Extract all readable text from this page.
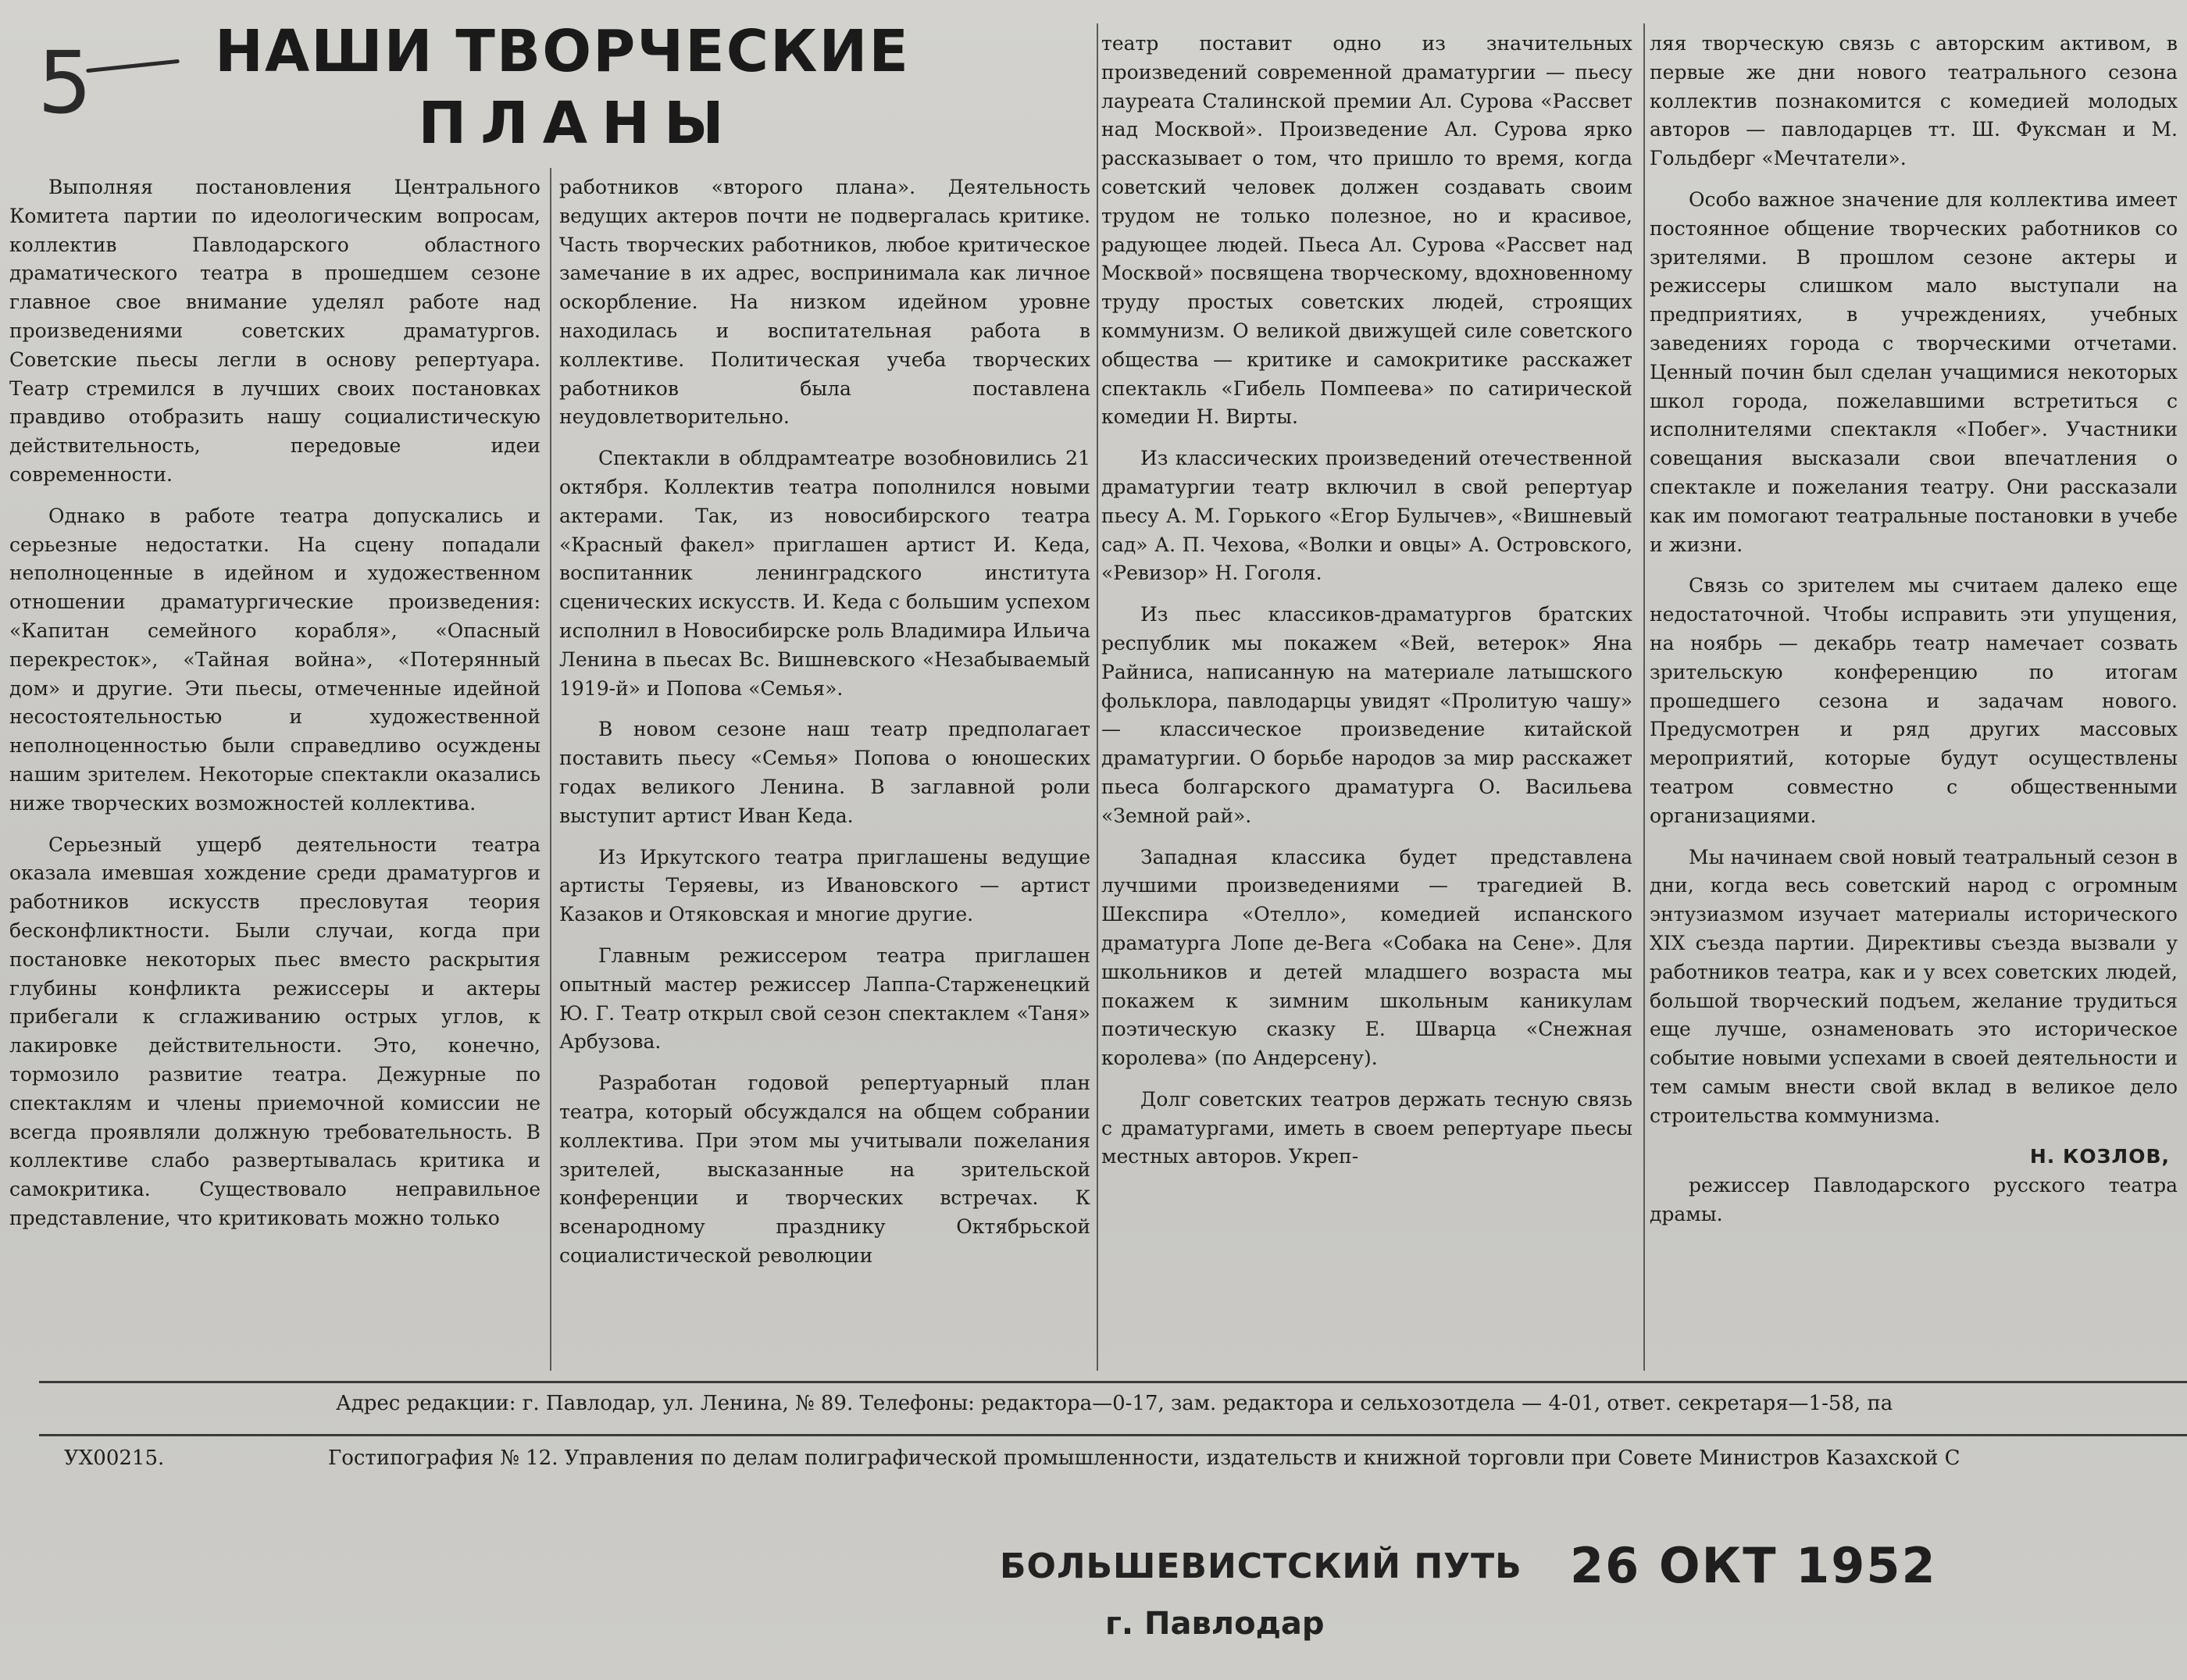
5	НАШИ ТВОРЧЕСКИЕ
ПЛАНЫ

Выполняя постановления Центрального Комитета партии по идеологическим вопросам, коллектив Павлодарского областного драматического театра в прошедшем сезоне главное свое внимание уделял работе над произведениями советских драматургов. Советские пьесы легли в основу репертуара. Театр стремился в лучших своих постановках правдиво отобразить нашу социалистическую действительность, передовые идеи современности.

Однако в работе театра допускались и серьезные недостатки. На сцену попадали неполноценные в идейном и художественном отношении драматургические произведения: «Капитан семейного корабля», «Опасный перекресток», «Тайная война», «Потерянный дом» и другие. Эти пьесы, отмеченные идейной несостоятельностью и художественной неполноценностью были справедливо осуждены нашим зрителем. Некоторые спектакли оказались ниже творческих возможностей коллектива.

Серьезный ущерб деятельности театра оказала имевшая хождение среди драматургов и работников искусств пресловутая теория бесконфликтности. Были случаи, когда при постановке некоторых пьес вместо раскрытия глубины конфликта режиссеры и актеры прибегали к сглаживанию острых углов, к лакировке действительности. Это, конечно, тормозило развитие театра. Дежурные по спектаклям и члены приемочной комиссии не всегда проявляли должную требовательность. В коллективе слабо развертывалась критика и самокритика. Существовало неправильное представление, что критиковать можно только

работников «второго плана». Деятельность ведущих актеров почти не подвергалась критике. Часть творческих работников, любое критическое замечание в их адрес, воспринимала как личное оскорбление. На низком идейном уровне находилась и воспитательная работа в коллективе. Политическая учеба творческих работников была поставлена неудовлетворительно.

Спектакли в облдрамтеатре возобновились 21 октября. Коллектив театра пополнился новыми актерами. Так, из новосибирского театра «Красный факел» приглашен артист И. Кеда, воспитанник ленинградского института сценических искусств. И. Кеда с большим успехом исполнил в Новосибирске роль Владимира Ильича Ленина в пьесах Вс. Вишневского «Незабываемый 1919-й» и Попова «Семья».

В новом сезоне наш театр предполагает поставить пьесу «Семья» Попова о юношеских годах великого Ленина. В заглавной роли выступит артист Иван Кеда.

Из Иркутского театра приглашены ведущие артисты Теряевы, из Ивановского — артист Казаков и Отяковская и многие другие.

Главным режиссером театра приглашен опытный мастер режиссер Лаппа-Старженецкий Ю. Г. Театр открыл свой сезон спектаклем «Таня» Арбузова.

Разработан годовой репертуарный план театра, который обсуждался на общем собрании коллектива. При этом мы учитывали пожелания зрителей, высказанные на зрительской конференции и творческих встречах. К всенародному празднику Октябрьской социалистической революции

театр поставит одно из значительных произведений современной драматургии — пьесу лауреата Сталинской премии Ал. Сурова «Рассвет над Москвой». Произведение Ал. Сурова ярко рассказывает о том, что пришло то время, когда советский человек должен создавать своим трудом не только полезное, но и красивое, радующее людей. Пьеса Ал. Сурова «Рассвет над Москвой» посвящена творческому, вдохновенному труду простых советских людей, строящих коммунизм. О великой движущей силе советского общества — критике и самокритике расскажет спектакль «Гибель Помпеева» по сатирической комедии Н. Вирты.

Из классических произведений отечественной драматургии театр включил в свой репертуар пьесу А. М. Горького «Егор Булычев», «Вишневый сад» А. П. Чехова, «Волки и овцы» А. Островского, «Ревизор» Н. Гоголя.

Из пьес классиков-драматургов братских республик мы покажем «Вей, ветерок» Яна Райниса, написанную на материале латышского фольклора, павлодарцы увидят «Пролитую чашу» — классическое произведение китайской драматургии. О борьбе народов за мир расскажет пьеса болгарского драматурга О. Васильева «Земной рай».

Западная классика будет представлена лучшими произведениями — трагедией В. Шекспира «Отелло», комедией испанского драматурга Лопе де-Вега «Собака на Сене». Для школьников и детей младшего возраста мы покажем к зимним школьным каникулам поэтическую сказку Е. Шварца «Снежная королева» (по Андерсену).

Долг советских театров держать тесную связь с драматургами, иметь в своем репертуаре пьесы местных авторов. Укреп-

ляя творческую связь с авторским активом, в первые же дни нового театрального сезона коллектив познакомится с комедией молодых авторов — павлодарцев тт. Ш. Фуксман и М. Гольдберг «Мечтатели».

Особо важное значение для коллектива имеет постоянное общение творческих работников со зрителями. В прошлом сезоне актеры и режиссеры слишком мало выступали на предприятиях, в учреждениях, учебных заведениях города с творческими отчетами. Ценный почин был сделан учащимися некоторых школ города, пожелавшими встретиться с исполнителями спектакля «Побег». Участники совещания высказали свои впечатления о спектакле и пожелания театру. Они рассказали как им помогают театральные постановки в учебе и жизни.

Связь со зрителем мы считаем далеко еще недостаточной. Чтобы исправить эти упущения, на ноябрь — декабрь театр намечает созвать зрительскую конференцию по итогам прошедшего сезона и задачам нового. Предусмотрен и ряд других массовых мероприятий, которые будут осуществлены театром совместно с общественными организациями.

Мы начинаем свой новый театральный сезон в дни, когда весь советский народ с огромным энтузиазмом изучает материалы исторического XIX съезда партии. Директивы съезда вызвали у работников театра, как и у всех советских людей, большой творческий подъем, желание трудиться еще лучше, ознаменовать это историческое событие новыми успехами в своей деятельности и тем самым внести свой вклад в великое дело строительства коммунизма.

Н. КОЗЛОВ,

режиссер Павлодарского русского театра драмы.

Адрес редакции: г. Павлодар, ул. Ленина, № 89. Телефоны: редактора—0-17, зам. редактора и сельхозотдела — 4-01, ответ. секретаря—1-58, па
УХ00215.	Гостипография № 12. Управления по делам полиграфической промышленности, издательств и книжной торговли при Совете Министров Казахской С
БОЛЬШЕВИСТСКИЙ ПУТЬ
г. Павлодар
26 ОКТ 1952
